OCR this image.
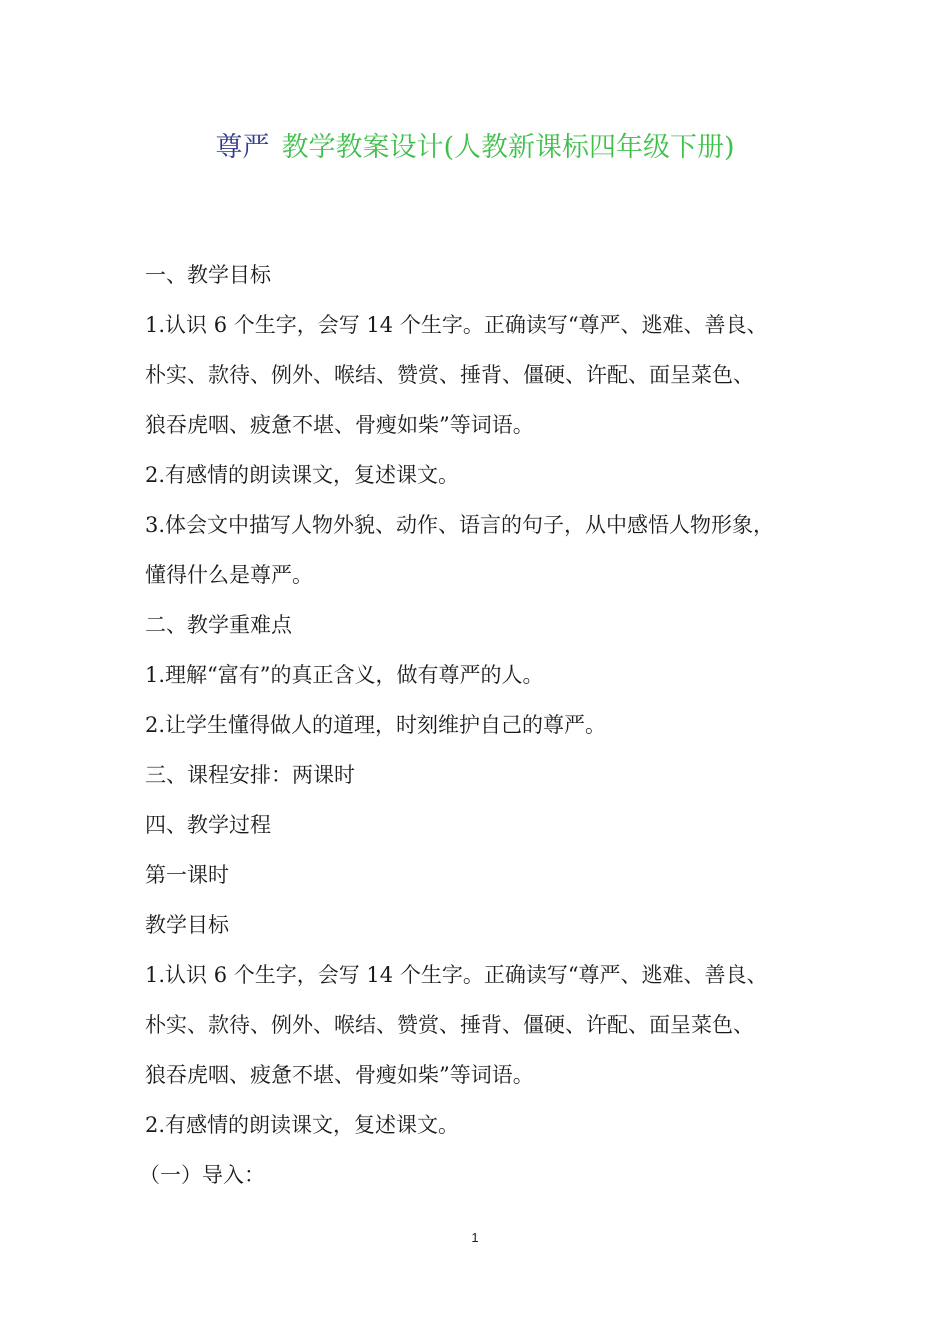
尊严 教学教案设计(人教新课标四年级下册)
一、教学目标
1.认识 6 个生字，会写 14 个生字。正确读写“尊严、逃难、善良、
朴实、款待、例外、喉结、赞赏、捶背、僵硬、许配、面呈菜色、
狼吞虎咽、疲惫不堪、骨瘦如柴”等词语。
2.有感情的朗读课文，复述课文。
3.体会文中描写人物外貌、动作、语言的句子，从中感悟人物形象，
懂得什么是尊严。
二、教学重难点
1.理解“富有”的真正含义，做有尊严的人。
2.让学生懂得做人的道理，时刻维护自己的尊严。
三、课程安排：两课时
四、教学过程
第一课时
教学目标
1.认识 6 个生字，会写 14 个生字。正确读写“尊严、逃难、善良、
朴实、款待、例外、喉结、赞赏、捶背、僵硬、许配、面呈菜色、
狼吞虎咽、疲惫不堪、骨瘦如柴”等词语。
2.有感情的朗读课文，复述课文。
（一）导入：
1
